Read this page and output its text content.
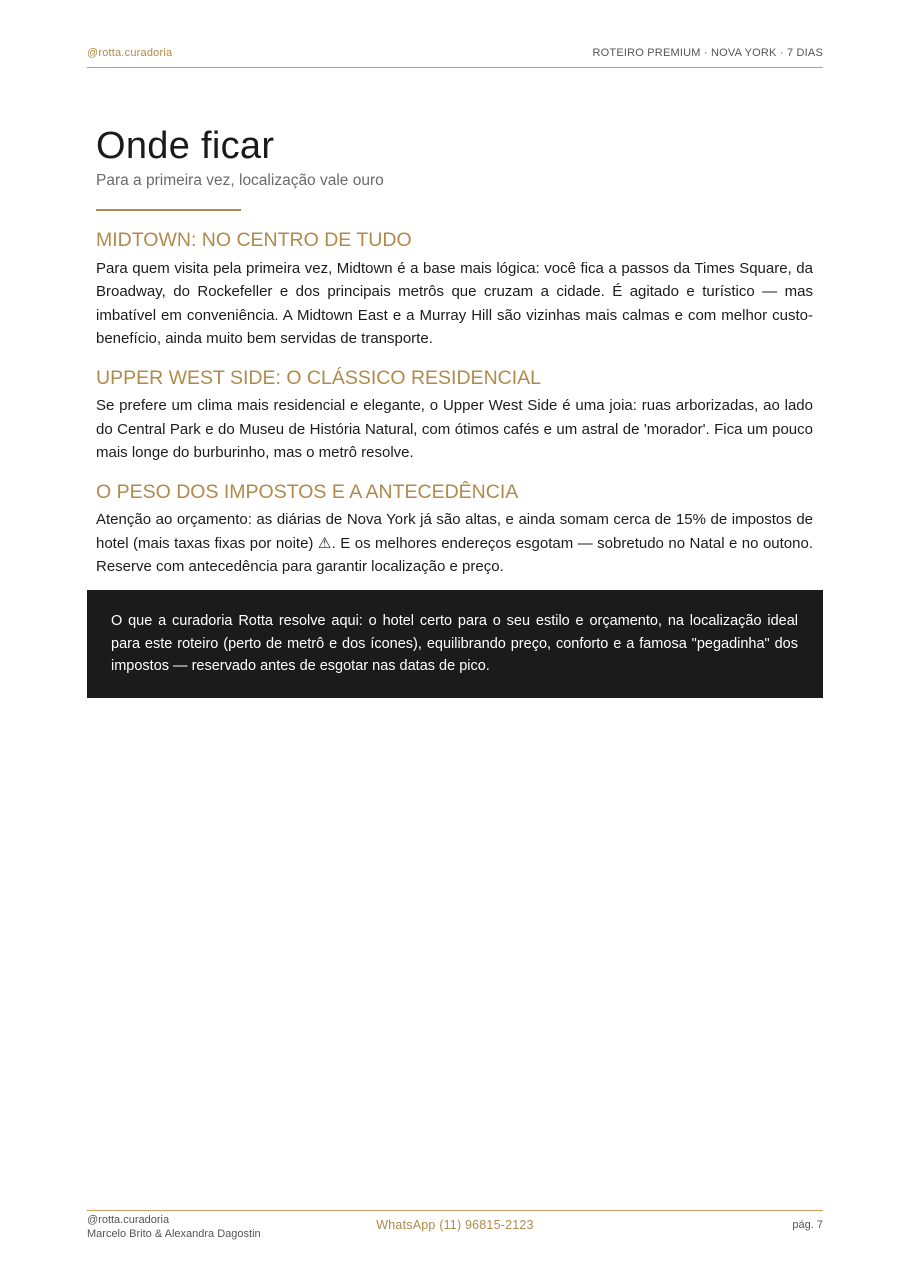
@rotta.curadoria	ROTEIRO PREMIUM · NOVA YORK · 7 DIAS
Onde ficar

Para a primeira vez, localização vale ouro

MIDTOWN: NO CENTRO DE TUDO

Para quem visita pela primeira vez, Midtown é a base mais lógica: você fica a passos da Times Square, da Broadway, do Rockefeller e dos principais metrôs que cruzam a cidade. É agitado e turístico — mas imbatível em conveniência. A Midtown East e a Murray Hill são vizinhas mais calmas e com melhor custo-benefício, ainda muito bem servidas de transporte.

UPPER WEST SIDE: O CLÁSSICO RESIDENCIAL

Se prefere um clima mais residencial e elegante, o Upper West Side é uma joia: ruas arborizadas, ao lado do Central Park e do Museu de História Natural, com ótimos cafés e um astral de 'morador'. Fica um pouco mais longe do burburinho, mas o metrô resolve.

O PESO DOS IMPOSTOS E A ANTECEDÊNCIA

Atenção ao orçamento: as diárias de Nova York já são altas, e ainda somam cerca de 15% de impostos de hotel (mais taxas fixas por noite) ⚠. E os melhores endereços esgotam — sobretudo no Natal e no outono. Reserve com antecedência para garantir localização e preço.

O que a curadoria Rotta resolve aqui: o hotel certo para o seu estilo e orçamento, na localização ideal para este roteiro (perto de metrô e dos ícones), equilibrando preço, conforto e a famosa "pegadinha" dos impostos — reservado antes de esgotar nas datas de pico.

@rotta.curadoria
Marcelo Brito & Alexandra Dagostin
WhatsApp (11) 96815-2123	pág. 7
